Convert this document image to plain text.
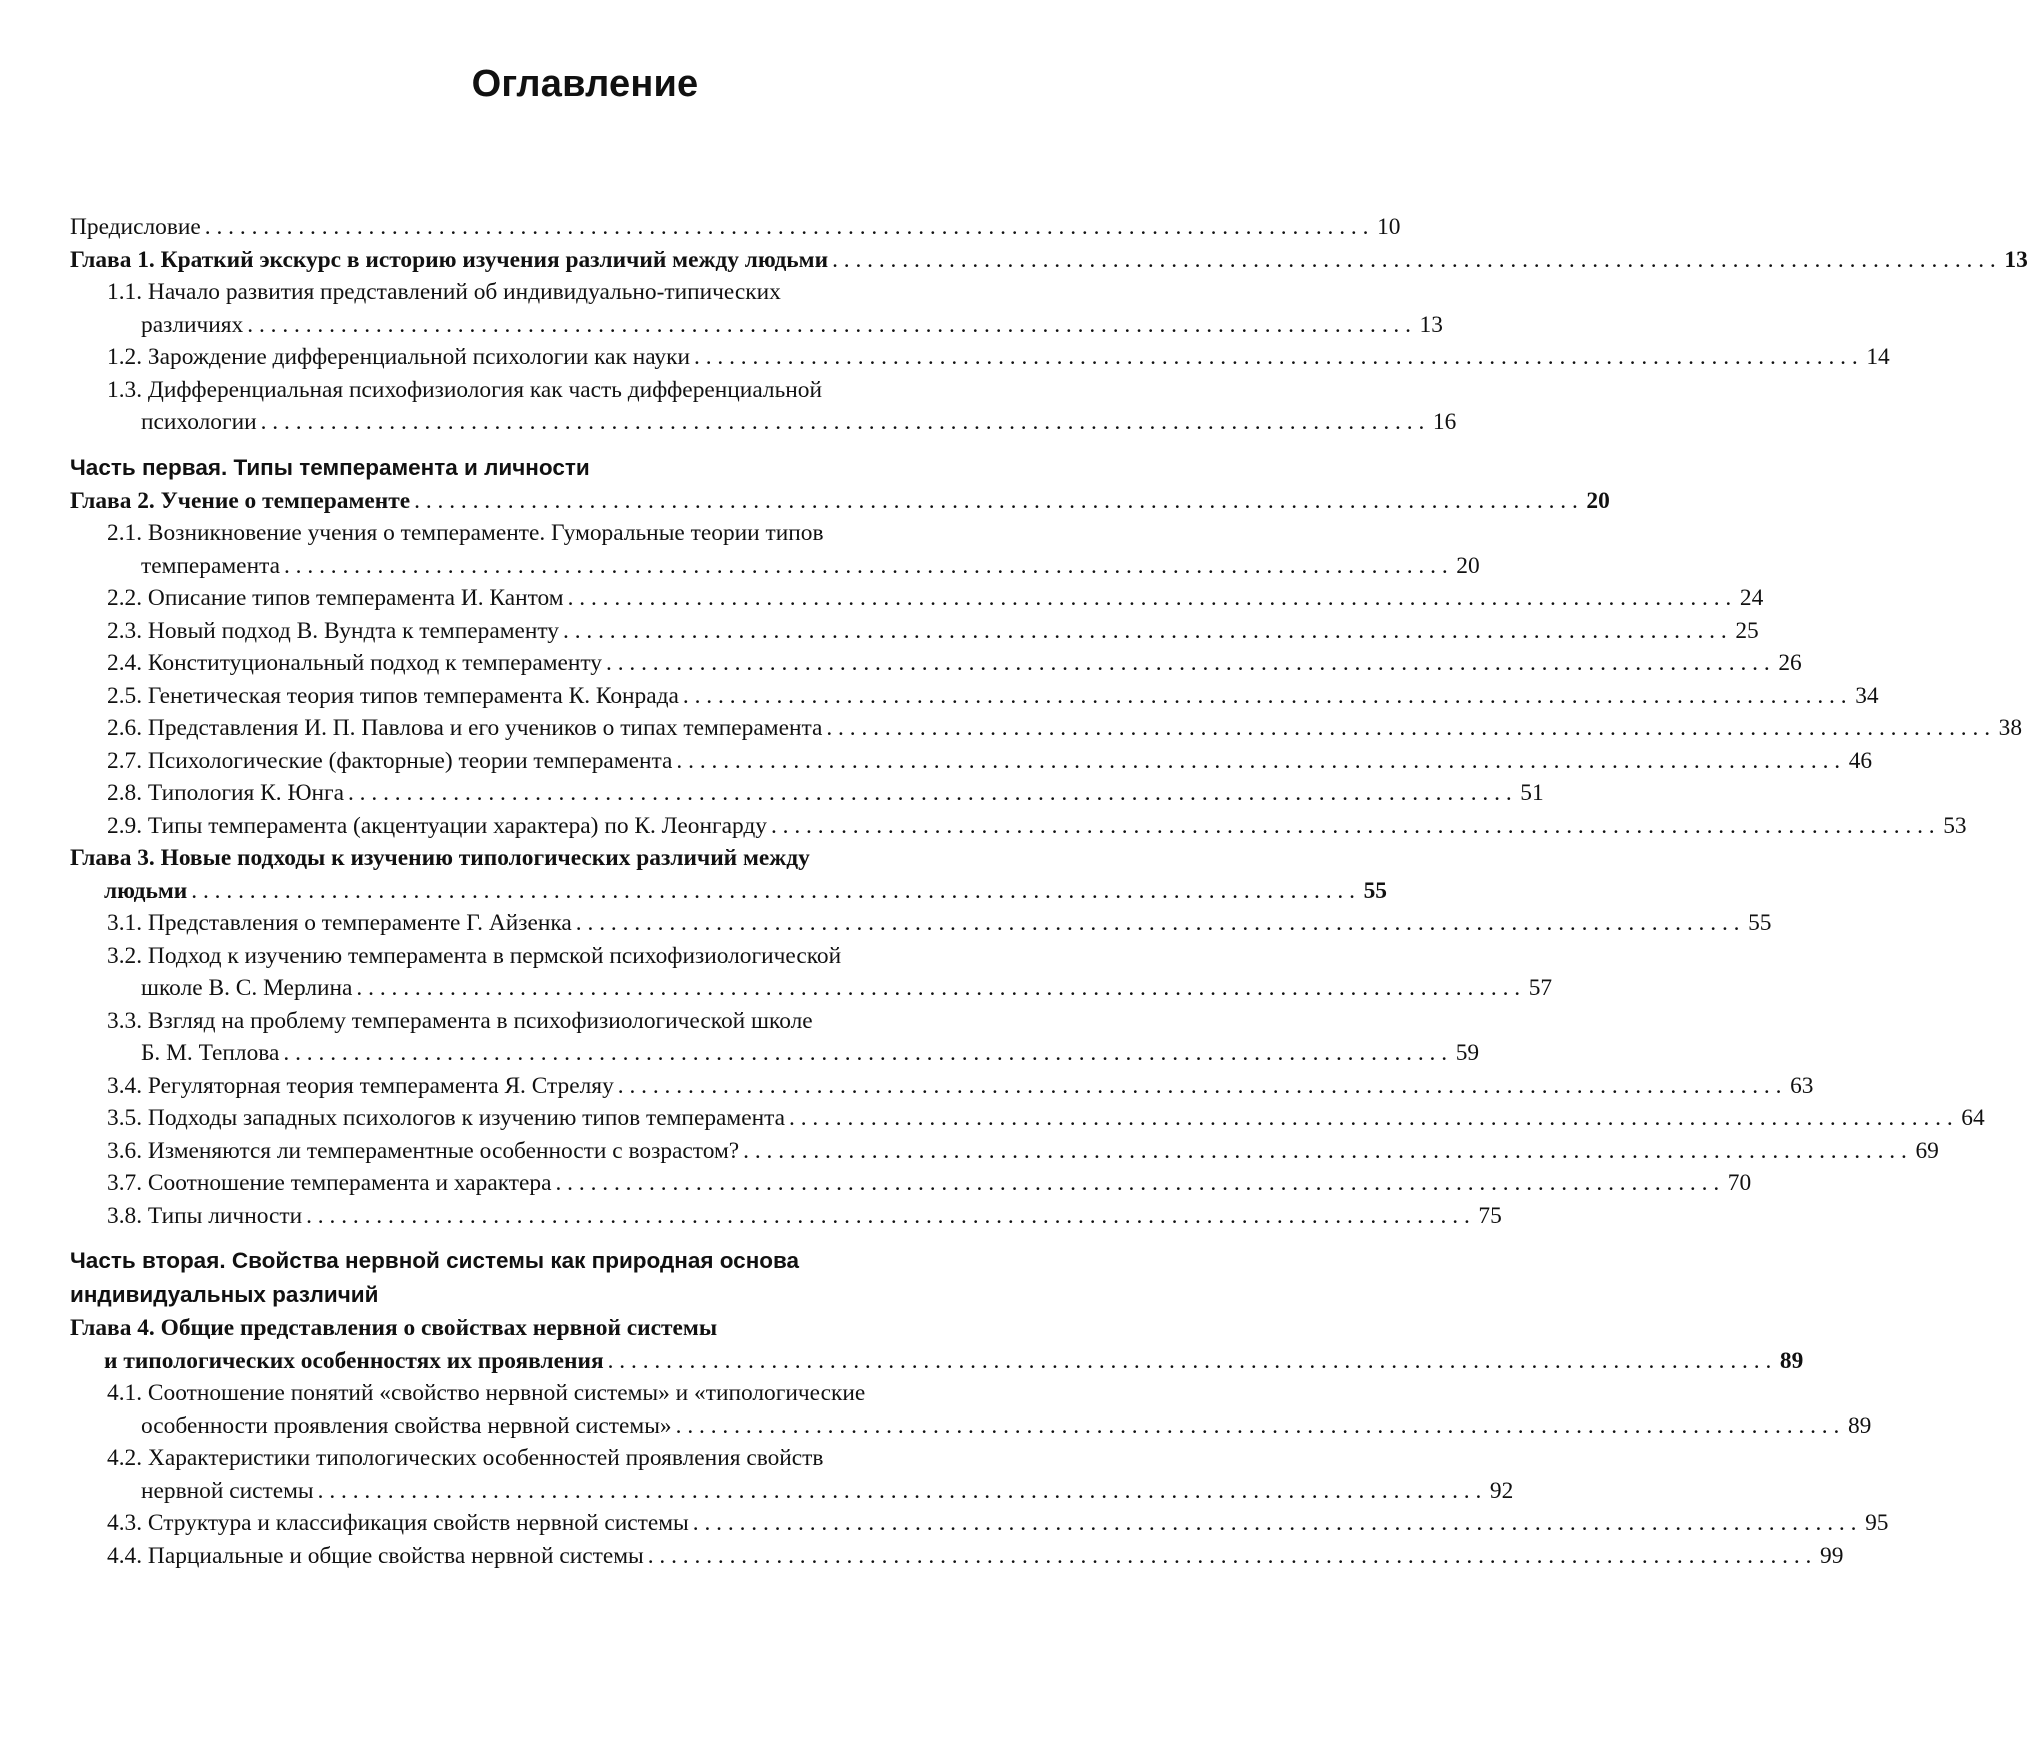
Оглавление
Предисловие
. . .	10
Глава 1. Краткий экскурс в историю изучения различий между людьми
. . .	13
1.1. Начало развития представлений об индивидуально-типических
различиях
. . .	13
1.2. Зарождение дифференциальной психологии как науки
. . .	14
1.3. Дифференциальная психофизиология как часть дифференциальной
психологии
. . .	16
Часть первая. Типы темперамента и личности
Глава 2. Учение о темпераменте
. . .	20
2.1. Возникновение учения о темпераменте. Гуморальные теории типов
темперамента
. . .	20
2.2. Описание типов темперамента И. Кантом
. . .	24
2.3. Новый подход В. Вундта к темпераменту
. . .	25
2.4. Конституциональный подход к темпераменту
. . .	26
2.5. Генетическая теория типов темперамента К. Конрада
. . .	34
2.6. Представления И. П. Павлова и его учеников о типах темперамента
. . .	38
2.7. Психологические (факторные) теории темперамента
. . .	46
2.8. Типология К. Юнга
. . .	51
2.9. Типы темперамента (акцентуации характера) по К. Леонгарду
. . .	53
Глава 3. Новые подходы к изучению типологических различий между
людьми
. . .	55
3.1. Представления о темпераменте Г. Айзенка
. . .	55
3.2. Подход к изучению темперамента в пермской психофизиологической
школе В. С. Мерлина
. . .	57
3.3. Взгляд на проблему темперамента в психофизиологической школе
Б. М. Теплова
. . .	59
3.4. Регуляторная теория темперамента Я. Стреляу
. . .	63
3.5. Подходы западных психологов к изучению типов темперамента
. . .	64
3.6. Изменяются ли темпераментные особенности с возрастом?
. . .	69
3.7. Соотношение темперамента и характера
. . .	70
3.8. Типы личности
. . .	75
Часть вторая. Свойства нервной системы как природная основа
индивидуальных различий
Глава 4. Общие представления о свойствах нервной системы
и типологических особенностях их проявления
. . .	89
4.1. Соотношение понятий «свойство нервной системы» и «типологические
особенности проявления свойства нервной системы»
. . .	89
4.2. Характеристики типологических особенностей проявления свойств
нервной системы
. . .	92
4.3. Структура и классификация свойств нервной системы
. . .	95
4.4. Парциальные и общие свойства нервной системы
. . .	99
